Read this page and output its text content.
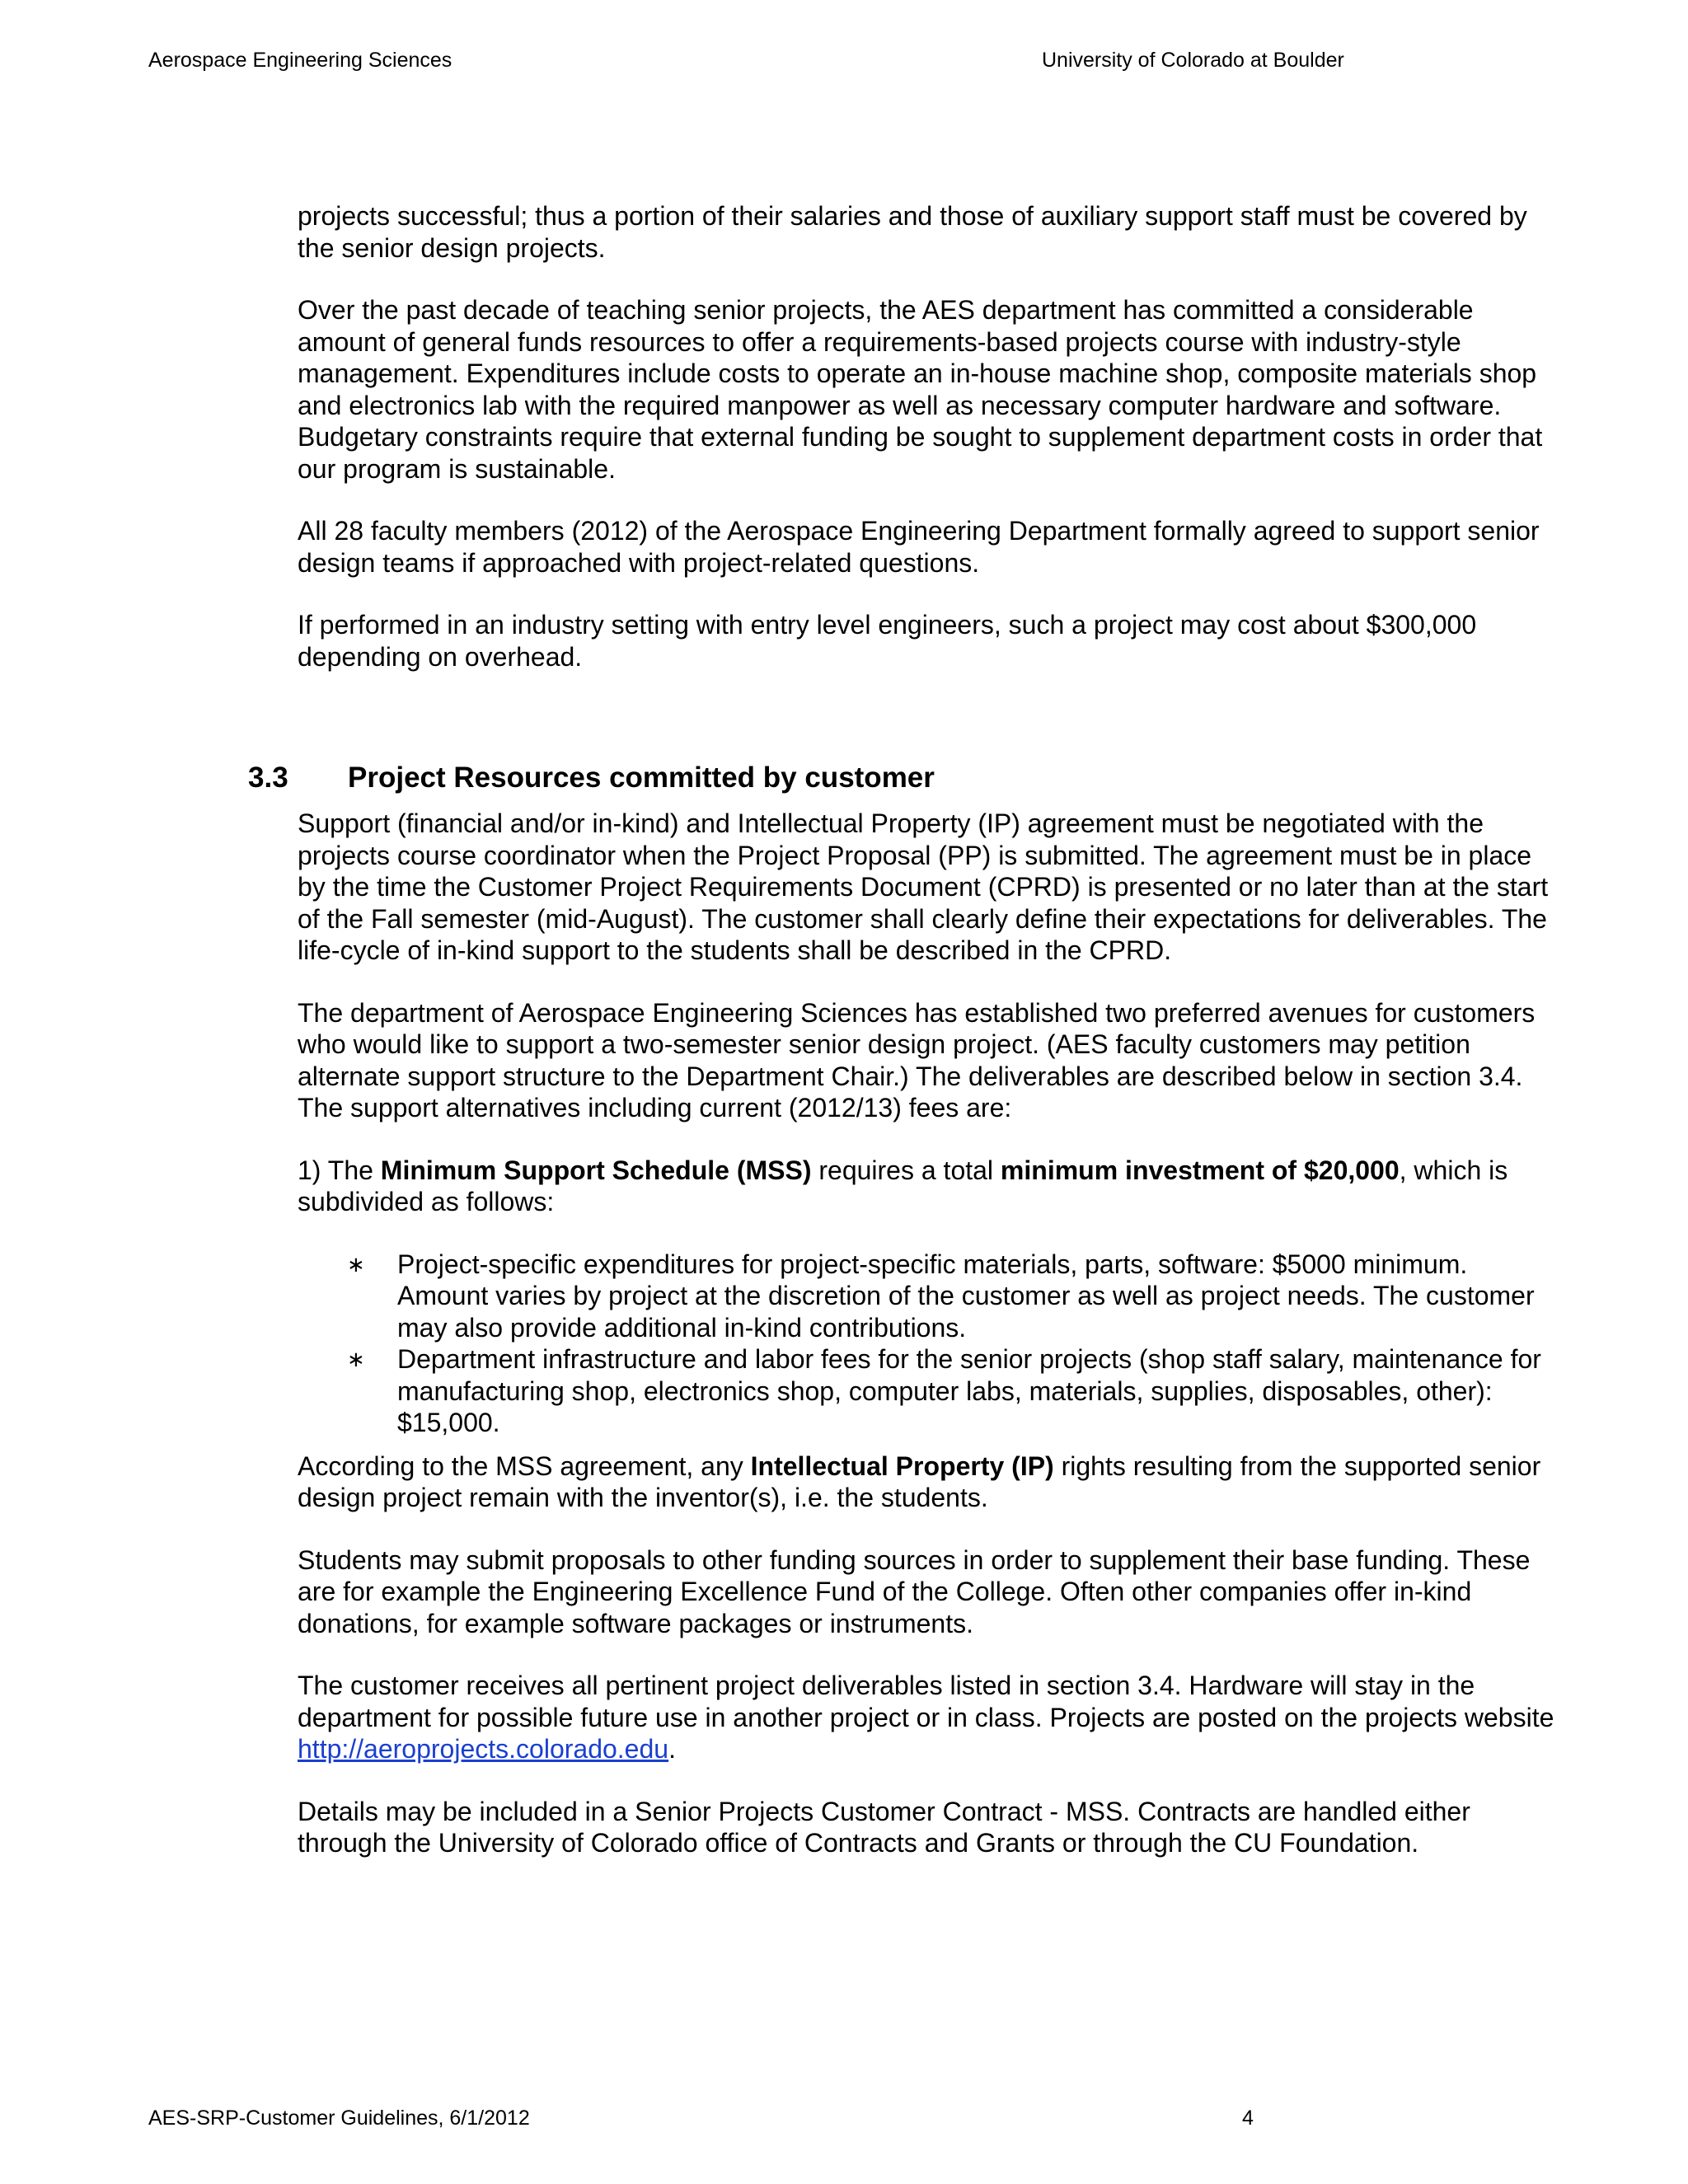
Aerospace Engineering Sciences	University of Colorado at Boulder

projects successful; thus a portion of their salaries and those of auxiliary support staff must be covered by the senior design projects.

Over the past decade of teaching senior projects, the AES department has committed a considerable amount of general funds resources to offer a requirements-based projects course with industry-style management. Expenditures include costs to operate an in-house machine shop, composite materials shop and electronics lab with the required manpower as well as necessary computer hardware and software. Budgetary constraints require that external funding be sought to supplement department costs in order that our program is sustainable.

All 28 faculty members (2012) of the Aerospace Engineering Department formally agreed to support senior design teams if approached with project-related questions.

If performed in an industry setting with entry level engineers, such a project may cost about $300,000 depending on overhead.

3.3 Project Resources committed by customer

Support (financial and/or in-kind) and Intellectual Property (IP) agreement must be negotiated with the projects course coordinator when the Project Proposal (PP) is submitted. The agreement must be in place by the time the Customer Project Requirements Document (CPRD) is presented or no later than at the start of the Fall semester (mid-August). The customer shall clearly define their expectations for deliverables. The life-cycle of in-kind support to the students shall be described in the CPRD.

The department of Aerospace Engineering Sciences has established two preferred avenues for customers who would like to support a two-semester senior design project. (AES faculty customers may petition alternate support structure to the Department Chair.) The deliverables are described below in section 3.4. The support alternatives including current (2012/13) fees are:

1) The Minimum Support Schedule (MSS) requires a total minimum investment of $20,000, which is subdivided as follows:

∗ Project-specific expenditures for project-specific materials, parts, software: $5000 minimum. Amount varies by project at the discretion of the customer as well as project needs. The customer may also provide additional in-kind contributions.
∗ Department infrastructure and labor fees for the senior projects (shop staff salary, maintenance for manufacturing shop, electronics shop, computer labs, materials, supplies, disposables, other): $15,000.

According to the MSS agreement, any Intellectual Property (IP) rights resulting from the supported senior design project remain with the inventor(s), i.e. the students.

Students may submit proposals to other funding sources in order to supplement their base funding. These are for example the Engineering Excellence Fund of the College. Often other companies offer in-kind donations, for example software packages or instruments.

The customer receives all pertinent project deliverables listed in section 3.4. Hardware will stay in the department for possible future use in another project or in class. Projects are posted on the projects website http://aeroprojects.colorado.edu.

Details may be included in a Senior Projects Customer Contract - MSS. Contracts are handled either through the University of Colorado office of Contracts and Grants or through the CU Foundation.

AES-SRP-Customer Guidelines, 6/1/2012	4
